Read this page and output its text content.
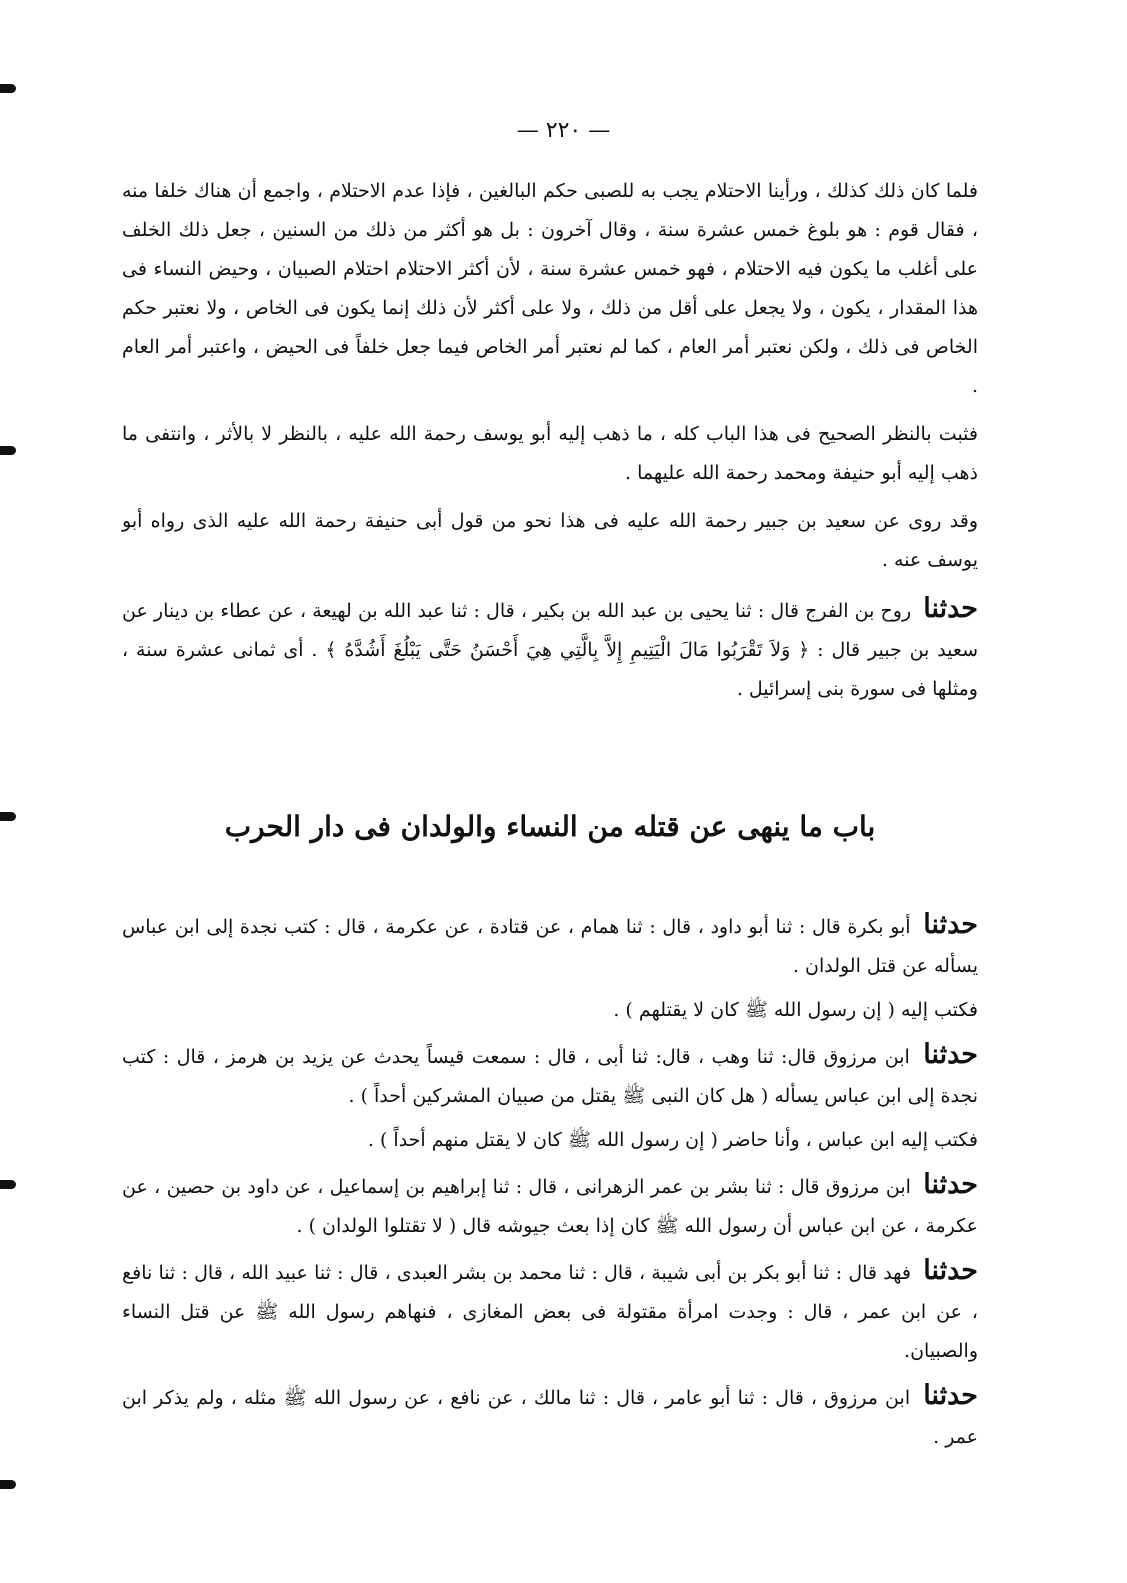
— ٢٢٠ —

فلما كان ذلك كذلك ، ورأينا الاحتلام يجب به للصبى حكم البالغين ، فإذا عدم الاحتلام ، واجمع أن هناك خلفا منه ، فقال قوم : هو بلوغ خمس عشرة سنة ، وقال آخرون : بل هو أكثر من ذلك من السنين ، جعل ذلك الخلف على أغلب ما يكون فيه الاحتلام ، فهو خمس عشرة سنة ، لأن أكثر الاحتلام احتلام الصبيان ، وحيض النساء فى هذا المقدار ، يكون ، ولا يجعل على أقل من ذلك ، ولا على أكثر لأن ذلك إنما يكون فى الخاص ، ولا نعتبر حكم الخاص فى ذلك ، ولكن نعتبر أمر العام ، كما لم نعتبر أمر الخاص فيما جعل خلفاً فى الحيض ، واعتبر أمر العام .

فثبت بالنظر الصحيح فى هذا الباب كله ، ما ذهب إليه أبو يوسف رحمة الله عليه ، بالنظر لا بالأثر ، وانتفى ما ذهب إليه أبو حنيفة ومحمد رحمة الله عليهما .

وقد روى عن سعيد بن جبير رحمة الله عليه فى هذا نحو من قول أبى حنيفة رحمة الله عليه الذى رواه أبو يوسف عنه .

حدثنا روح بن الفرج قال : ثنا يحيى بن عبد الله بن بكير ، قال : ثنا عبد الله بن لهيعة ، عن عطاء بن دينار عن سعيد بن جبير قال : ﴿ وَلاَ تَقْرَبُوا مَالَ الْيَتِيمِ إِلاَّ بِالَّتِي هِيَ أَحْسَنُ حَتَّى يَبْلُغَ أَشُدَّهُ ﴾ . أى ثمانى عشرة سنة ، ومثلها فى سورة بنى إسرائيل .

باب ما ينهى عن قتله من النساء والولدان فى دار الحرب

حدثنا أبو بكرة قال : ثنا أبو داود ، قال : ثنا همام ، عن قتادة ، عن عكرمة ، قال : كتب نجدة إلى ابن عباس يسأله عن قتل الولدان .

فكتب إليه ( إن رسول الله ﷺ كان لا يقتلهم ) .

حدثنا ابن مرزوق قال: ثنا وهب ، قال: ثنا أبى ، قال : سمعت قيساً يحدث عن يزيد بن هرمز ، قال : كتب نجدة إلى ابن عباس يسأله ( هل كان النبى ﷺ يقتل من صبيان المشركين أحداً ) .

فكتب إليه ابن عباس ، وأنا حاضر ( إن رسول الله ﷺ كان لا يقتل منهم أحداً ) .

حدثنا ابن مرزوق قال : ثنا بشر بن عمر الزهرانى ، قال : ثنا إبراهيم بن إسماعيل ، عن داود بن حصين ، عن عكرمة ، عن ابن عباس أن رسول الله ﷺ كان إذا بعث جيوشه قال ( لا تقتلوا الولدان ) .

حدثنا فهد قال : ثنا أبو بكر بن أبى شيبة ، قال : ثنا محمد بن بشر العبدى ، قال : ثنا عبيد الله ، قال : ثنا نافع ، عن ابن عمر ، قال : وجدت امرأة مقتولة فى بعض المغازى ، فنهاهم رسول الله ﷺ عن قتل النساء والصبيان.

حدثنا ابن مرزوق ، قال : ثنا أبو عامر ، قال : ثنا مالك ، عن نافع ، عن رسول الله ﷺ مثله ، ولم يذكر ابن عمر .
